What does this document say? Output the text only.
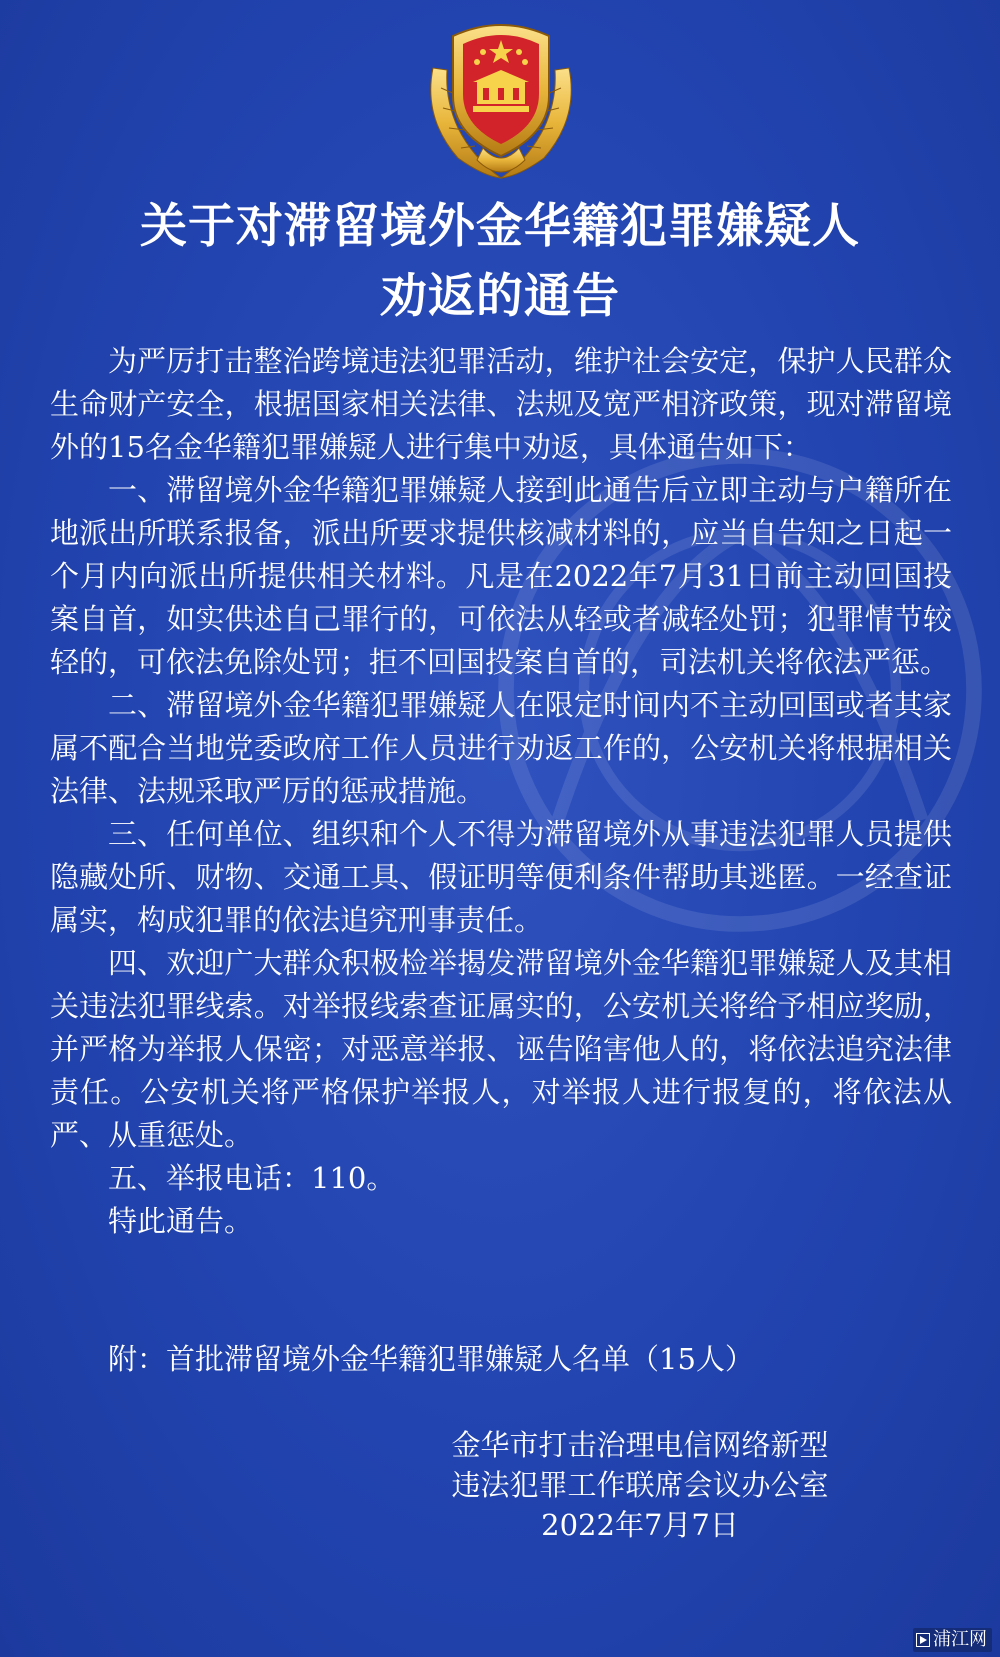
关于对滞留境外金华籍犯罪嫌疑人
劝返的通告

为严厉打击整治跨境违法犯罪活动，维护社会安定，保护人民群众生命财产安全，根据国家相关法律、法规及宽严相济政策，现对滞留境外的15名金华籍犯罪嫌疑人进行集中劝返，具体通告如下：

一、滞留境外金华籍犯罪嫌疑人接到此通告后立即主动与户籍所在地派出所联系报备，派出所要求提供核减材料的，应当自告知之日起一个月内向派出所提供相关材料。凡是在2022年7月31日前主动回国投案自首，如实供述自己罪行的，可依法从轻或者减轻处罚；犯罪情节较轻的，可依法免除处罚；拒不回国投案自首的，司法机关将依法严惩。

二、滞留境外金华籍犯罪嫌疑人在限定时间内不主动回国或者其家属不配合当地党委政府工作人员进行劝返工作的，公安机关将根据相关法律、法规采取严厉的惩戒措施。

三、任何单位、组织和个人不得为滞留境外从事违法犯罪人员提供隐藏处所、财物、交通工具、假证明等便利条件帮助其逃匿。一经查证属实，构成犯罪的依法追究刑事责任。

四、欢迎广大群众积极检举揭发滞留境外金华籍犯罪嫌疑人及其相关违法犯罪线索。对举报线索查证属实的，公安机关将给予相应奖励，并严格为举报人保密；对恶意举报、诬告陷害他人的，将依法追究法律责任。公安机关将严格保护举报人，对举报人进行报复的，将依法从严、从重惩处。

五、举报电话：110。

特此通告。

附：首批滞留境外金华籍犯罪嫌疑人名单（15人）
金华市打击治理电信网络新型
违法犯罪工作联席会议办公室
2022年7月7日
浦江网
